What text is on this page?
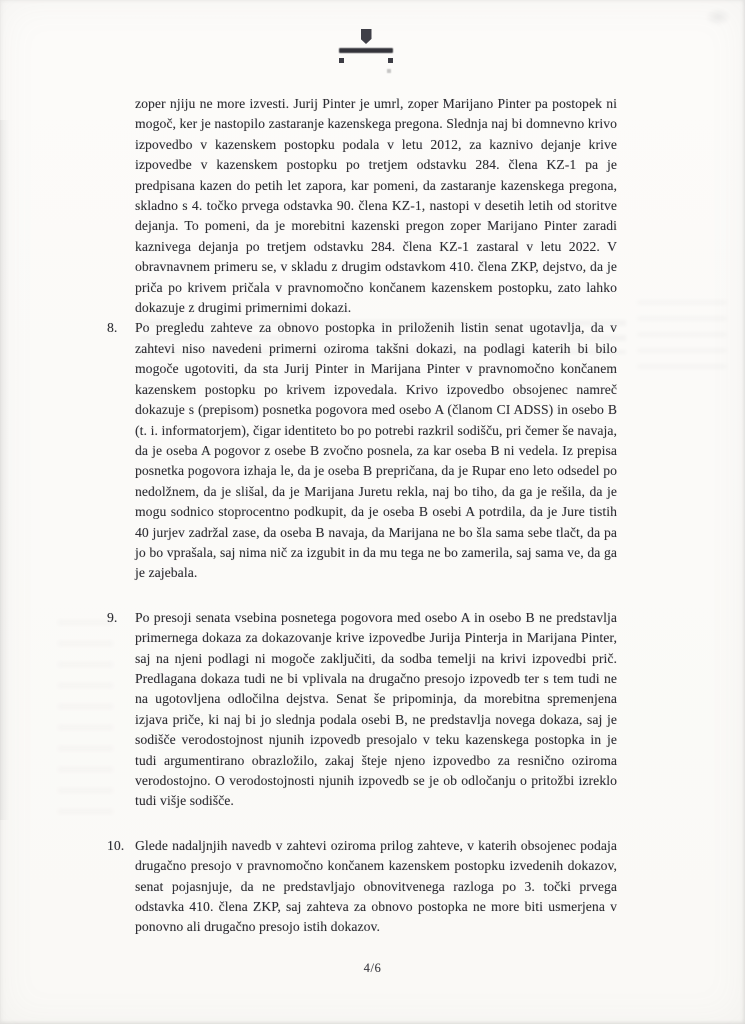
zoper njiju ne more izvesti. Jurij Pinter je umrl, zoper Marijano Pinter pa postopek ni mogoč, ker je nastopilo zastaranje kazenskega pregona. Slednja naj bi domnevno krivo izpovedbo v kazenskem postopku podala v letu 2012, za kaznivo dejanje krive izpovedbe v kazenskem postopku po tretjem odstavku 284. člena KZ-1 pa je predpisana kazen do petih let zapora, kar pomeni, da zastaranje kazenskega pregona, skladno s 4. točko prvega odstavka 90. člena KZ-1, nastopi v desetih letih od storitve dejanja. To pomeni, da je morebitni kazenski pregon zoper Marijano Pinter zaradi kaznivega dejanja po tretjem odstavku 284. člena KZ-1 zastaral v letu 2022. V obravnavnem primeru se, v skladu z drugim odstavkom 410. člena ZKP, dejstvo, da je priča po krivem pričala v pravnomočno končanem kazenskem postopku, zato lahko dokazuje z drugimi primernimi dokazi.

8.	Po pregledu zahteve za obnovo postopka in priloženih listin senat ugotavlja, da v zahtevi niso navedeni primerni oziroma takšni dokazi, na podlagi katerih bi bilo mogoče ugotoviti, da sta Jurij Pinter in Marijana Pinter v pravnomočno končanem kazenskem postopku po krivem izpovedala. Krivo izpovedbo obsojenec namreč dokazuje s (prepisom) posnetka pogovora med osebo A (članom CI ADSS) in osebo B (t. i. informatorjem), čigar identiteto bo po potrebi razkril sodišču, pri čemer še navaja, da je oseba A pogovor z osebe B zvočno posnela, za kar oseba B ni vedela. Iz prepisa posnetka pogovora izhaja le, da je oseba B prepričana, da je Rupar eno leto odsedel po nedolžnem, da je slišal, da je Marijana Juretu rekla, naj bo tiho, da ga je rešila, da je mogu sodnico stoprocentno podkupit, da je oseba B osebi A potrdila, da je Jure tistih 40 jurjev zadržal zase, da oseba B navaja, da Marijana ne bo šla sama sebe tlačt, da pa jo bo vprašala, saj nima nič za izgubit in da mu tega ne bo zamerila, saj sama ve, da ga je zajebala.

9.	Po presoji senata vsebina posnetega pogovora med osebo A in osebo B ne predstavlja primernega dokaza za dokazovanje krive izpovedbe Jurija Pinterja in Marijana Pinter, saj na njeni podlagi ni mogoče zaključiti, da sodba temelji na krivi izpovedbi prič. Predlagana dokaza tudi ne bi vplivala na drugačno presojo izpovedb ter s tem tudi ne na ugotovljena odločilna dejstva. Senat še pripominja, da morebitna spremenjena izjava priče, ki naj bi jo slednja podala osebi B, ne predstavlja novega dokaza, saj je sodišče verodostojnost njunih izpovedb presojalo v teku kazenskega postopka in je tudi argumentirano obrazložilo, zakaj šteje njeno izpovedbo za resnično oziroma verodostojno. O verodostojnosti njunih izpovedb se je ob odločanju o pritožbi izreklo tudi višje sodišče.

10. Glede nadaljnjih navedb v zahtevi oziroma prilog zahteve, v katerih obsojenec podaja drugačno presojo v pravnomočno končanem kazenskem postopku izvedenih dokazov, senat pojasnjuje, da ne predstavljajo obnovitvenega razloga po 3. točki prvega odstavka 410. člena ZKP, saj zahteva za obnovo postopka ne more biti usmerjena v ponovno ali drugačno presojo istih dokazov.

4/6
